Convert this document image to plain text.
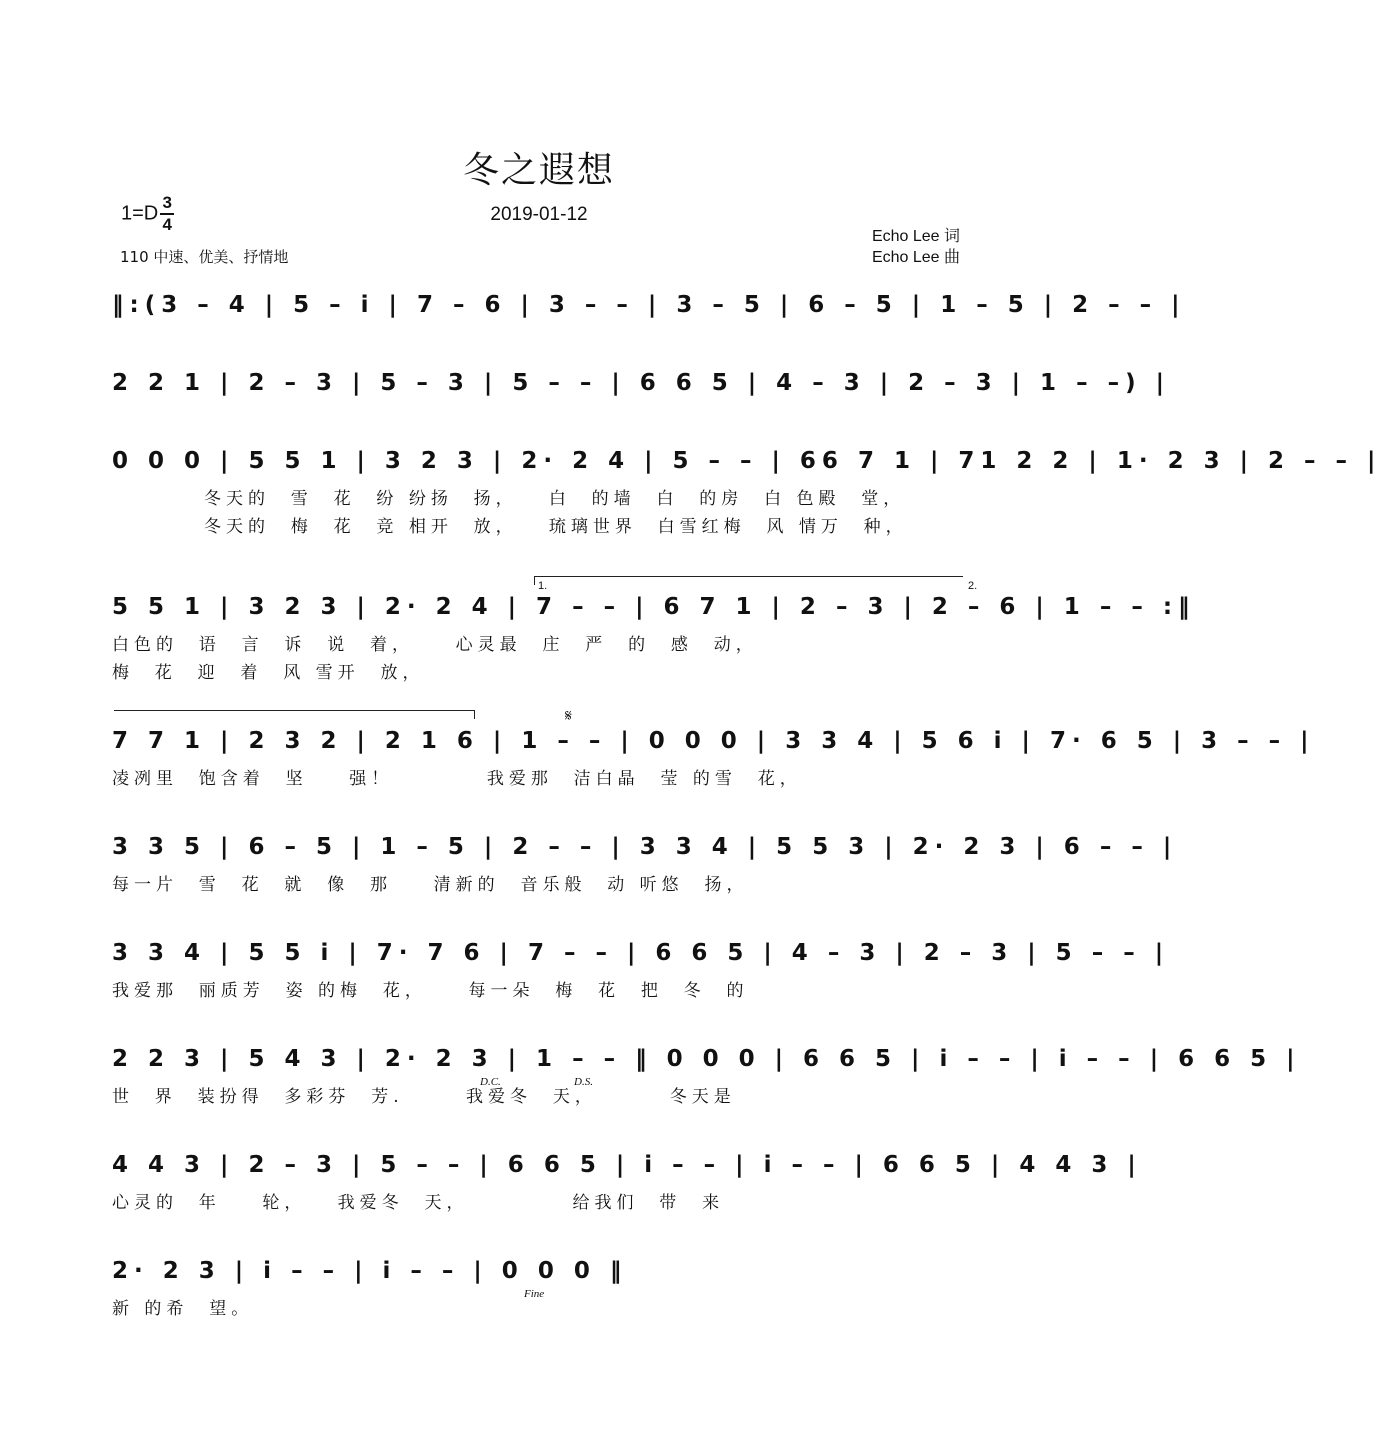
冬之遐想
2019-01-12
$1=D \frac{3}{4}$
110 中速、优美、抒情地
Echo Lee 词
Echo Lee 曲
‖:(3 – 4 | 5 – i | 7 – 6 | 3 – – | 3 – 5 | 6 – 5 | 1 – 5 | 2 – – |
2 2 1 | 2 – 3 | 5 – 3 | 5 – – | 6 6 5 | 4 – 3 | 2 – 3 | 1 – –) |
0 0 0 | 5 5 1 | 3 2 3 | 2· 2 4 | 5 – – | 66 7 1 | 71 2 2 | 1· 2 3 | 2 – – |
冬天的  雪  花  纷 纷扬  扬，   白  的墙  白  的房  白 色殿  堂，
冬天的  梅  花  竞 相开  放，   琉璃世界  白雪红梅  风 情万  种，
1.	2.
5 5 1 | 3 2 3 | 2· 2 4 | 7 – – | 6 7 1 | 2 – 3 | 2 – 6 | 1 – – :‖
白色的  语  言  诉  说  着，    心灵最  庄  严  的  感  动，
梅  花  迎  着  风 雪开  放，
𝄋
7 7 1 | 2 3 2 | 2 1 6 | 1 – – | 0 0 0 | 3 3 4 | 5 6 i | 7· 6 5 | 3 – – |
凌冽里  饱含着  坚    强！         我爱那  洁白晶  莹 的雪  花，
3 3 5 | 6 – 5 | 1 – 5 | 2 – – | 3 3 4 | 5 5 3 | 2· 2 3 | 6 – – |
每一片  雪  花  就  像  那    清新的  音乐般  动 听悠  扬，
3 3 4 | 5 5 i | 7· 7 6 | 7 – – | 6 6 5 | 4 – 3 | 2 – 3 | 5 – – |
我爱那  丽质芳  姿 的梅  花，    每一朵  梅  花  把  冬  的
2 2 3 | 5 4 3 | 2· 2 3 | 1 – – ‖ 0 0 0 | 6 6 5 | i – – | i – – | 6 6 5 |
D.C.	D.S.
世  界  装扮得  多彩芬  芳.      我爱冬  天，       冬天是
4 4 3 | 2 – 3 | 5 – – | 6 6 5 | i – – | i – – | 6 6 5 | 4 4 3 |
心灵的  年    轮，   我爱冬  天，          给我们  带  来
2· 2 3 | i – – | i – – | 0 0 0 ‖
Fine
新 的希  望。
